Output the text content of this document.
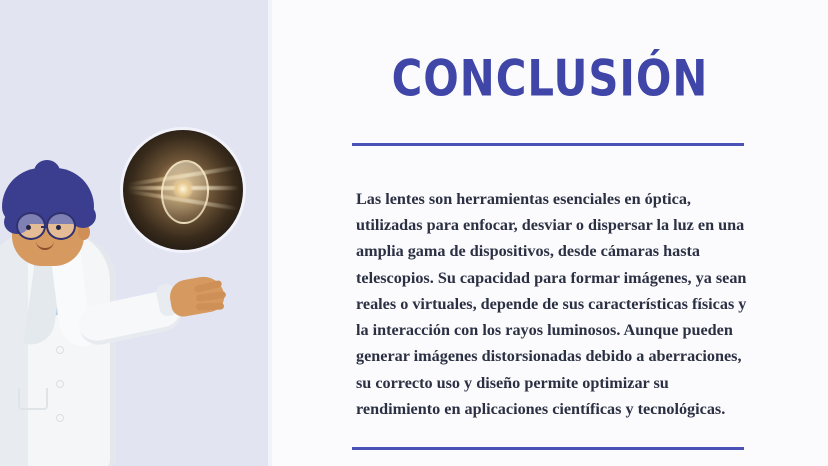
CONCLUSIÓN
Las lentes son herramientas esenciales en óptica, utilizadas para enfocar, desviar o dispersar la luz en una amplia gama de dispositivos, desde cámaras hasta telescopios. Su capacidad para formar imágenes, ya sean reales o virtuales, depende de sus características físicas y la interacción con los rayos luminosos. Aunque pueden generar imágenes distorsionadas debido a aberraciones, su correcto uso y diseño permite optimizar su rendimiento en aplicaciones científicas y tecnológicas.
